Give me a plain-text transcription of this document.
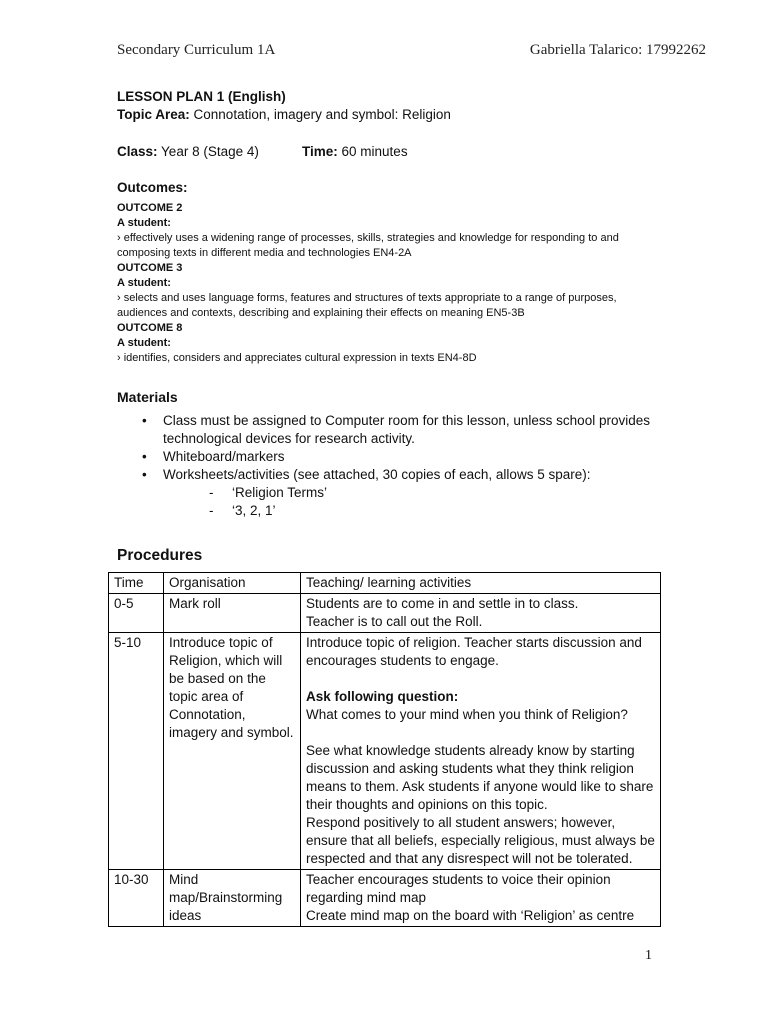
Secondary Curriculum 1A	Gabriella Talarico: 17992262

LESSON PLAN 1 (English)

Topic Area: Connotation, imagery and symbol: Religion

Class: Year 8 (Stage 4)	Time: 60 minutes
Outcomes:
OUTCOME 2
A student:
› effectively uses a widening range of processes, skills, strategies and knowledge for responding to and composing texts in different media and technologies EN4-2A
OUTCOME 3
A student:
› selects and uses language forms, features and structures of texts appropriate to a range of purposes, audiences and contexts, describing and explaining their effects on meaning EN5-3B
OUTCOME 8
A student:
› identifies, considers and appreciates cultural expression in texts EN4-8D
Materials
• Class must be assigned to Computer room for this lesson, unless school provides technological devices for research activity.
• Whiteboard/markers
• Worksheets/activities (see attached, 30 copies of each, allows 5 spare):
- ‘Religion Terms’
- ‘3, 2, 1’
Procedures
Time	Organisation	Teaching/ learning activities
0-5	Mark roll	Students are to come in and settle in to class.
Teacher is to call out the Roll.

5-10	Introduce topic of Religion, which will be based on the topic area of Connotation, imagery and symbol.	Introduce topic of religion. Teacher starts discussion and encourages students to engage.
Ask following question:
What comes to your mind when you think of Religion?
See what knowledge students already know by starting discussion and asking students what they think religion means to them. Ask students if anyone would like to share their thoughts and opinions on this topic.
Respond positively to all student answers; however, ensure that all beliefs, especially religious, must always be respected and that any disrespect will not be tolerated.

10-30	Mind map/Brainstorming ideas	Teacher encourages students to voice their opinion regarding mind map
Create mind map on the board with ‘Religion’ as centre
1
